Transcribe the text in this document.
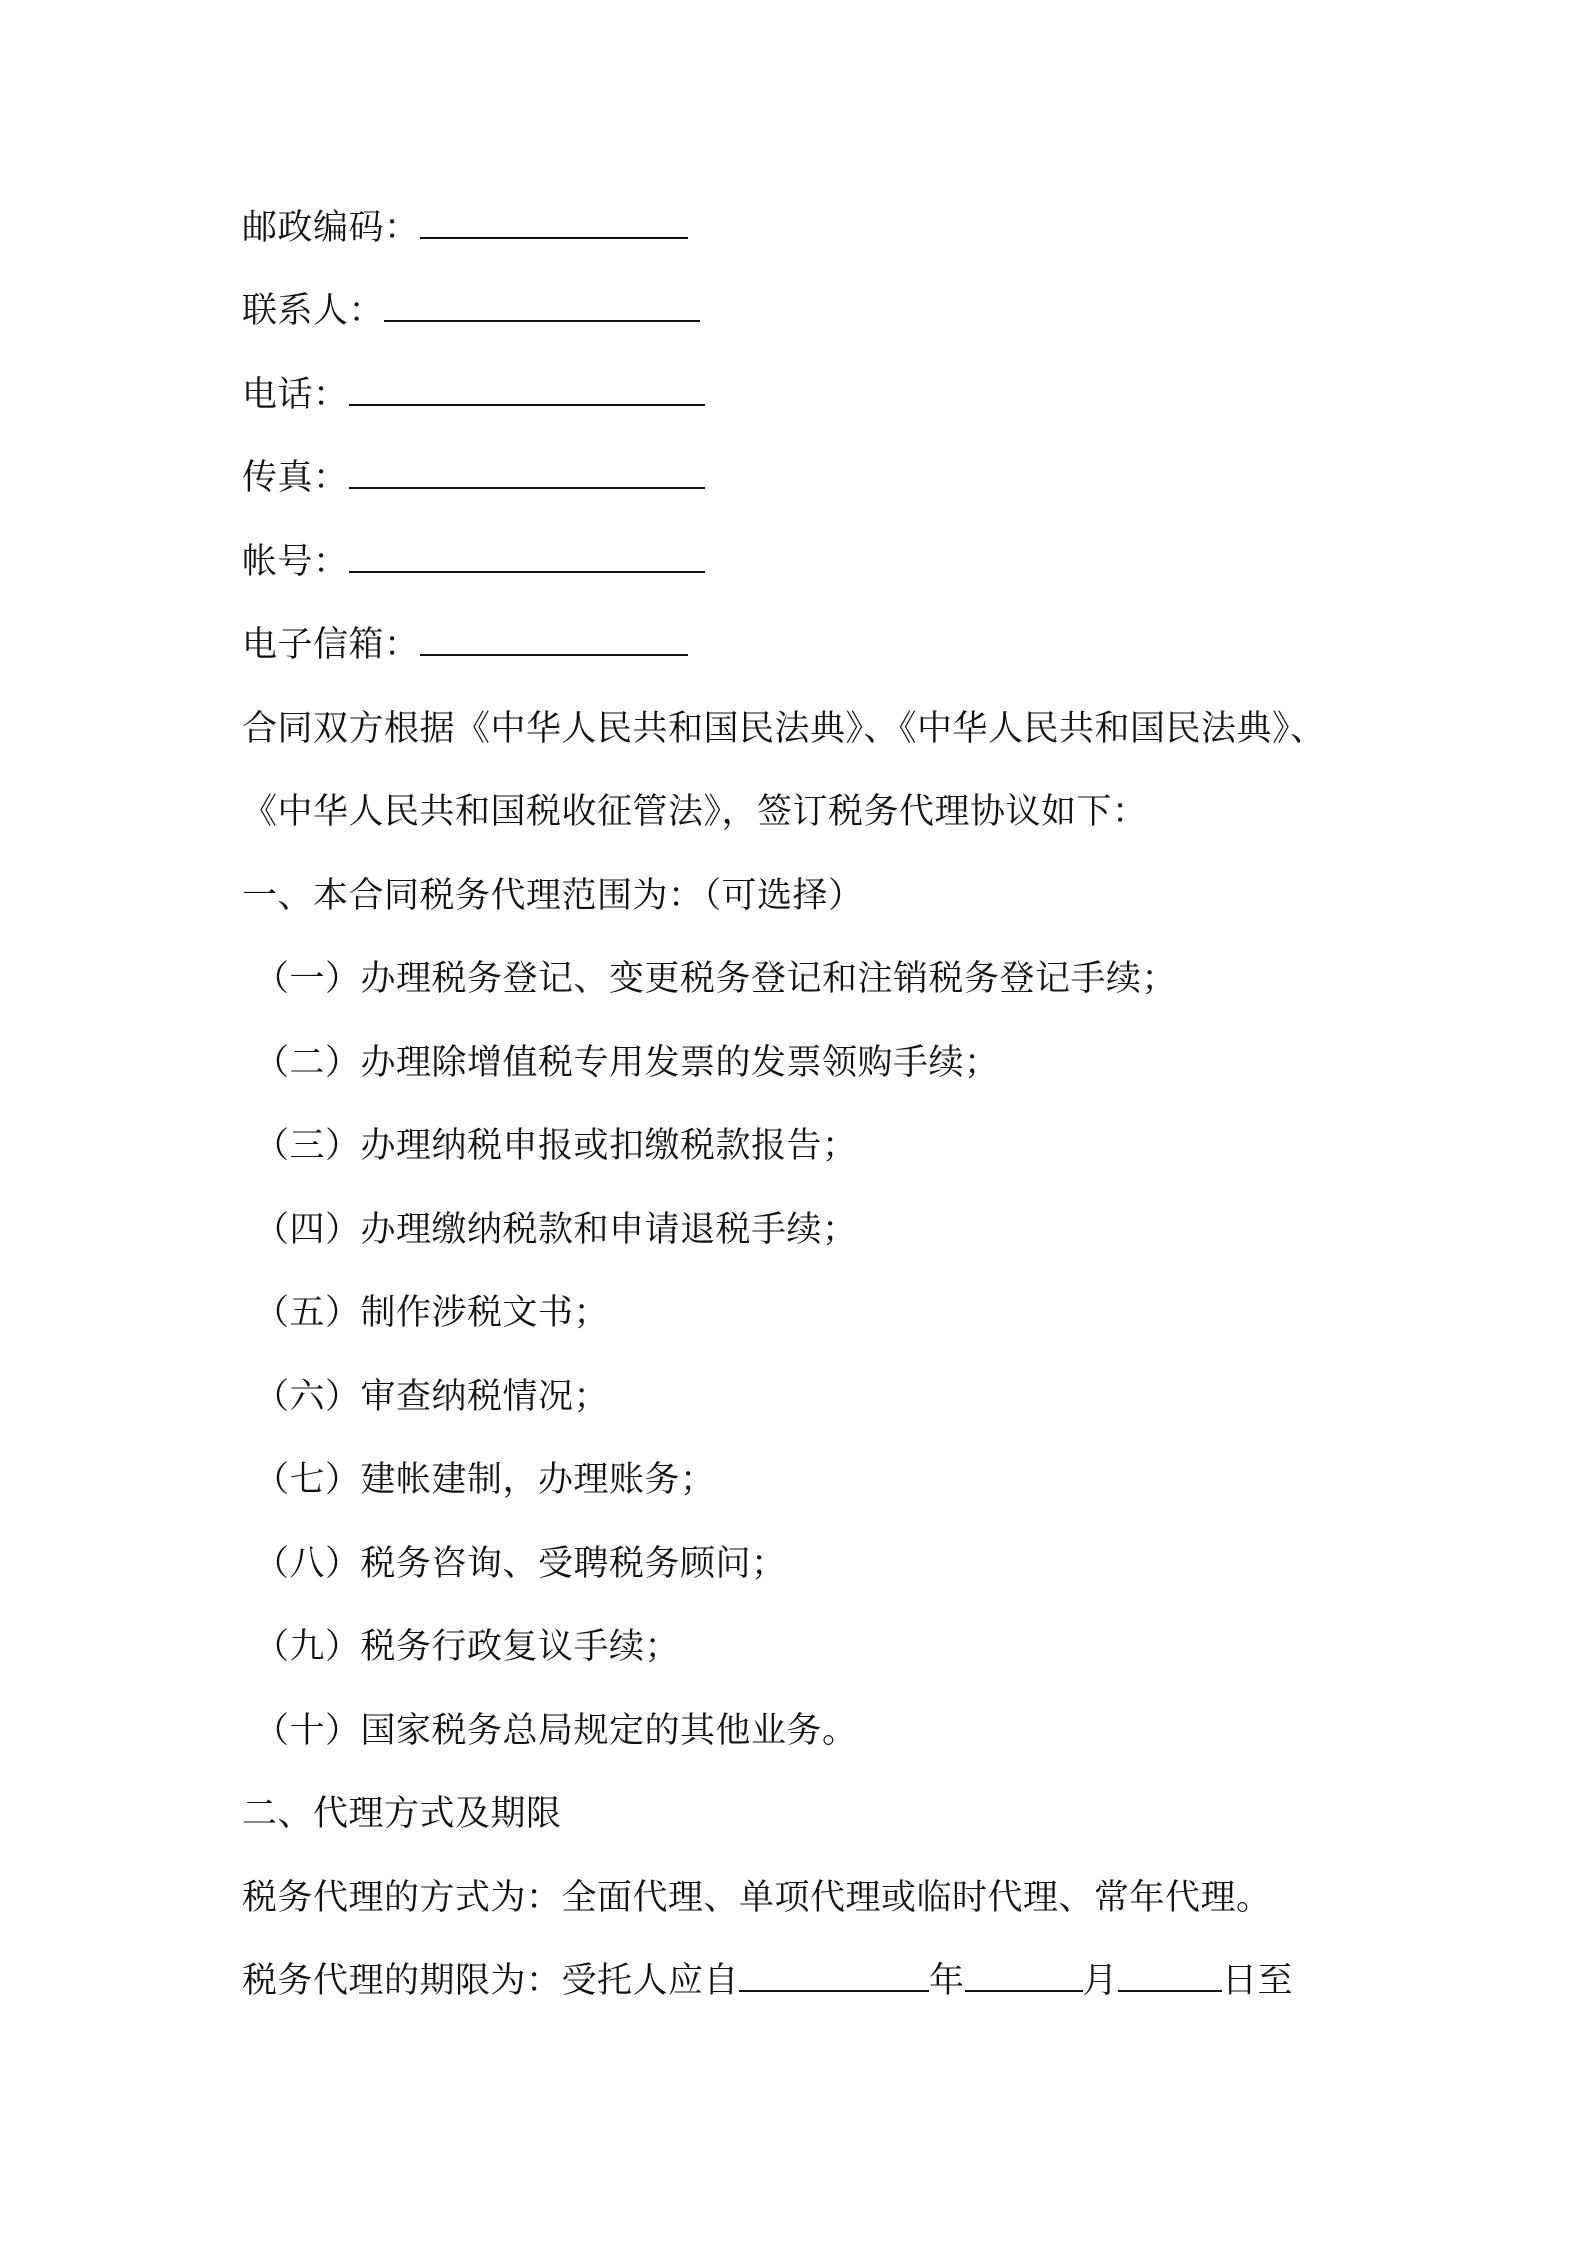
邮政编码：
联系人：
电话：
传真：
帐号：
电子信箱：
合同双方根据《中华人民共和国民法典》、《中华人民共和国民法典》、
《中华人民共和国税收征管法》，签订税务代理协议如下：
一、本合同税务代理范围为：（可选择）
（一）办理税务登记、变更税务登记和注销税务登记手续；
（二）办理除增值税专用发票的发票领购手续；
（三）办理纳税申报或扣缴税款报告；
（四）办理缴纳税款和申请退税手续；
（五）制作涉税文书；
（六）审查纳税情况；
（七）建帐建制，办理账务；
（八）税务咨询、受聘税务顾问；
（九）税务行政复议手续；
（十）国家税务总局规定的其他业务。
二、代理方式及期限
税务代理的方式为：全面代理、单项代理或临时代理、常年代理。
税务代理的期限为：受托人应自	年	月	日至
